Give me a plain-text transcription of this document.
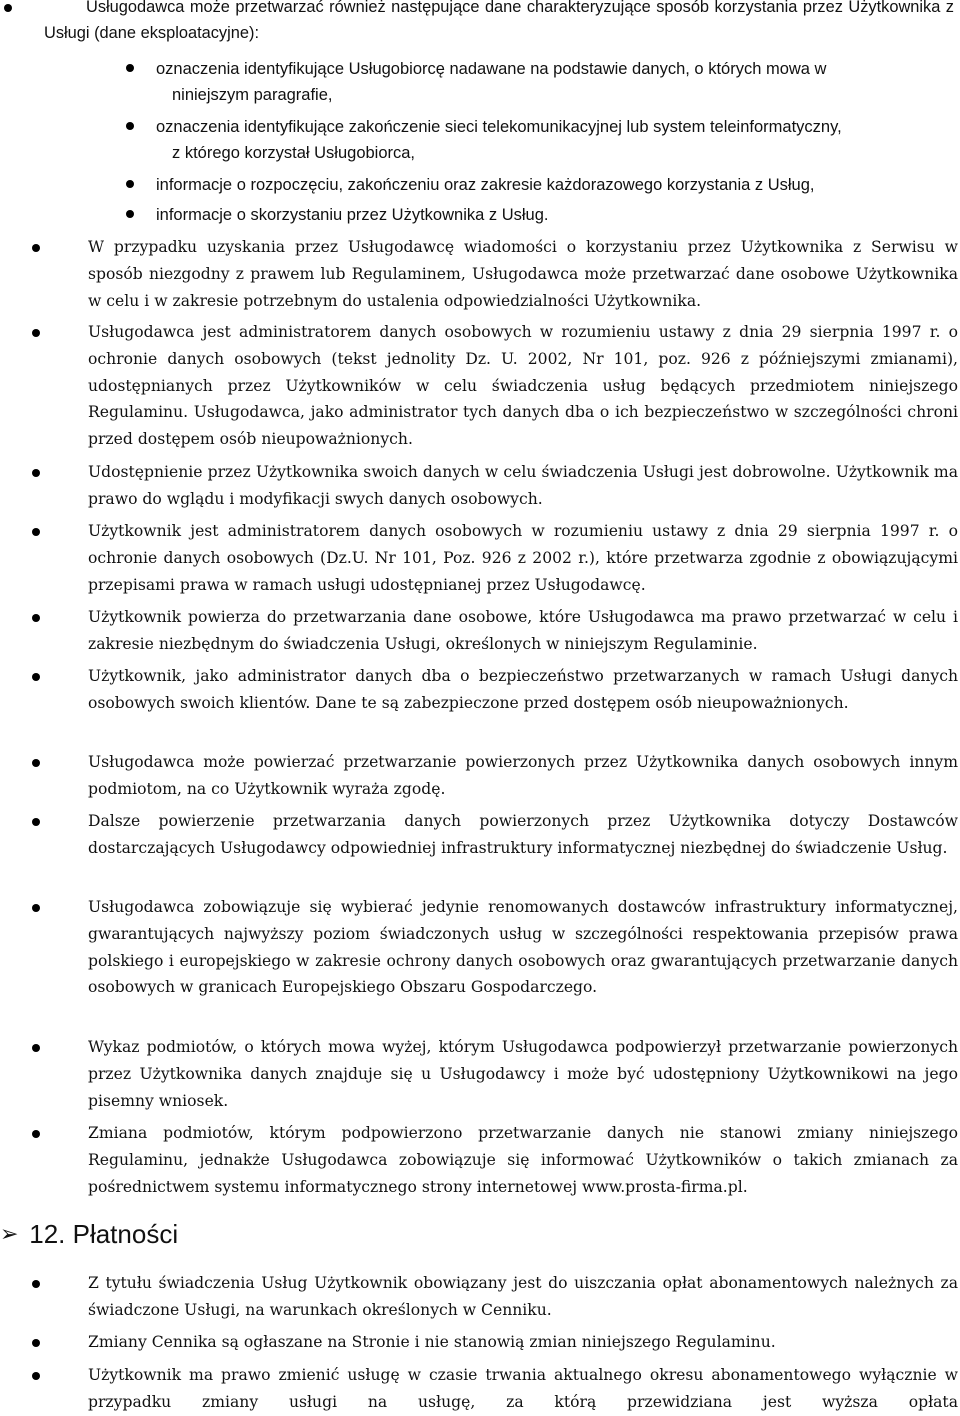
Usługodawca może przetwarzać również następujące dane charakteryzujące sposób korzystania przez Użytkownika z Usługi (dane eksploatacyjne):

oznaczenia identyfikujące Usługobiorcę nadawane na podstawie danych, o których mowa w

niniejszym paragrafie,
oznaczenia identyfikujące zakończenie sieci telekomunikacyjnej lub system teleinformatyczny,

z którego korzystał Usługobiorca,
informacje o rozpoczęciu, zakończeniu oraz zakresie każdorazowego korzystania z Usług,
informacje o skorzystaniu przez Użytkownika z Usług.
W przypadku uzyskania przez Usługodawcę wiadomości o korzystaniu przez Użytkownika z Serwisu w sposób niezgodny z prawem lub Regulaminem, Usługodawca może przetwarzać dane osobowe Użytkownika w celu i w zakresie potrzebnym do ustalenia odpowiedzialności Użytkownika.
Usługodawca jest administratorem danych osobowych w rozumieniu ustawy z dnia 29 sierpnia 1997 r. o ochronie danych osobowych (tekst jednolity Dz. U. 2002, Nr 101, poz. 926 z późniejszymi zmianami), udostępnianych przez Użytkowników w celu świadczenia usług będących przedmiotem niniejszego Regulaminu. Usługodawca, jako administrator tych danych dba o ich bezpieczeństwo w szczególności chroni przed dostępem osób nieupoważnionych.
Udostępnienie przez Użytkownika swoich danych w celu świadczenia Usługi jest dobrowolne. Użytkownik ma prawo do wglądu i modyfikacji swych danych osobowych.
Użytkownik jest administratorem danych osobowych w rozumieniu ustawy z dnia 29 sierpnia 1997 r. o ochronie danych osobowych (Dz.U. Nr 101, Poz. 926 z 2002 r.), które przetwarza zgodnie z obowiązującymi przepisami prawa w ramach usługi udostępnianej przez Usługodawcę.
Użytkownik powierza do przetwarzania dane osobowe, które Usługodawca ma prawo przetwarzać w celu i zakresie niezbędnym do świadczenia Usługi, określonych w niniejszym Regulaminie.
Użytkownik, jako administrator danych dba o bezpieczeństwo przetwarzanych w ramach Usługi danych osobowych swoich klientów. Dane te są zabezpieczone przed dostępem osób nieupoważnionych.
Usługodawca może powierzać przetwarzanie powierzonych przez Użytkownika danych osobowych innym podmiotom, na co Użytkownik wyraża zgodę.
Dalsze powierzenie przetwarzania danych powierzonych przez Użytkownika dotyczy Dostawców dostarczających Usługodawcy odpowiedniej infrastruktury informatycznej niezbędnej do świadczenie Usług.
Usługodawca zobowiązuje się wybierać jedynie renomowanych dostawców infrastruktury informatycznej, gwarantujących najwyższy poziom świadczonych usług w szczególności respektowania przepisów prawa polskiego i europejskiego w zakresie ochrony danych osobowych oraz gwarantujących przetwarzanie danych osobowych w granicach Europejskiego Obszaru Gospodarczego.
Wykaz podmiotów, o których mowa wyżej, którym Usługodawca podpowierzył przetwarzanie powierzonych przez Użytkownika danych znajduje się u Usługodawcy i może być udostępniony Użytkownikowi na jego pisemny wniosek.
Zmiana podmiotów, którym podpowierzono przetwarzanie danych nie stanowi zmiany niniejszego Regulaminu, jednakże Usługodawca zobowiązuje się informować Użytkowników o takich zmianach za pośrednictwem systemu informatycznego strony internetowej www.prosta-firma.pl.
➢ 12. Płatności
Z tytułu świadczenia Usług Użytkownik obowiązany jest do uiszczania opłat abonamentowych należnych za świadczone Usługi, na warunkach określonych w Cenniku.
Zmiany Cennika są ogłaszane na Stronie i nie stanowią zmian niniejszego Regulaminu.
Użytkownik ma prawo zmienić usługę w czasie trwania aktualnego okresu abonamentowego wyłącznie w przypadku zmiany usługi na usługę, za którą przewidziana jest wyższa opłata
